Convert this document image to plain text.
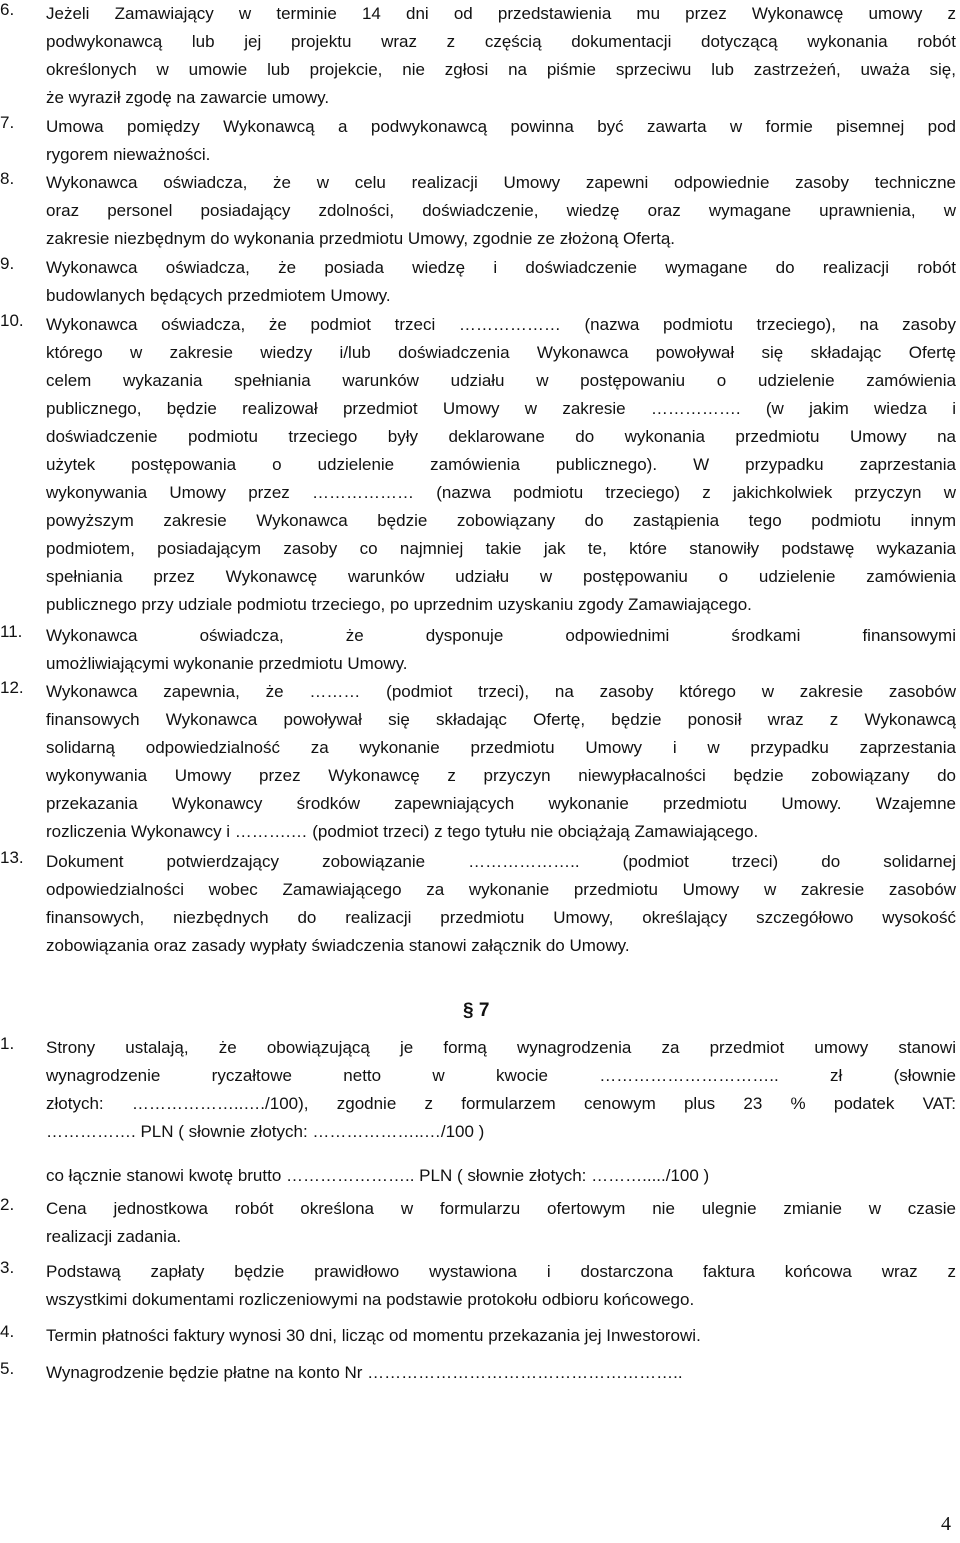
6. Jeżeli Zamawiający w terminie 14 dni od przedstawienia mu przez Wykonawcę umowy z
podwykonawcą lub jej projektu wraz z częścią dokumentacji dotyczącą wykonania robót
określonych w umowie lub projekcie, nie zgłosi na piśmie sprzeciwu lub zastrzeżeń, uważa się,
że wyraził zgodę na zawarcie umowy.
7. Umowa pomiędzy Wykonawcą a podwykonawcą powinna być zawarta w formie pisemnej pod
rygorem nieważności.
8. Wykonawca oświadcza, że w celu realizacji Umowy zapewni odpowiednie zasoby techniczne
oraz personel posiadający zdolności, doświadczenie, wiedzę oraz wymagane uprawnienia, w
zakresie niezbędnym do wykonania przedmiotu Umowy, zgodnie ze złożoną Ofertą.
9. Wykonawca oświadcza, że posiada wiedzę i doświadczenie wymagane do realizacji robót
budowlanych będących przedmiotem Umowy.
10. Wykonawca oświadcza, że podmiot trzeci ……………… (nazwa podmiotu trzeciego), na zasoby
którego w zakresie wiedzy i/lub doświadczenia Wykonawca powoływał się składając Ofertę
celem wykazania spełniania warunków udziału w postępowaniu o udzielenie zamówienia
publicznego, będzie realizował przedmiot Umowy w zakresie ……………. (w jakim wiedza i
doświadczenie podmiotu trzeciego były deklarowane do wykonania przedmiotu Umowy na
użytek postępowania o udzielenie zamówienia publicznego). W przypadku zaprzestania
wykonywania Umowy przez ……………… (nazwa podmiotu trzeciego) z jakichkolwiek przyczyn w
powyższym zakresie Wykonawca będzie zobowiązany do zastąpienia tego podmiotu innym
podmiotem, posiadającym zasoby co najmniej takie jak te, które stanowiły podstawę wykazania
spełniania przez Wykonawcę warunków udziału w postępowaniu o udzielenie zamówienia
publicznego przy udziale podmiotu trzeciego, po uprzednim uzyskaniu zgody Zamawiającego.
11. Wykonawca oświadcza, że dysponuje odpowiednimi środkami finansowymi
umożliwiającymi wykonanie przedmiotu Umowy.
12. Wykonawca zapewnia, że ……… (podmiot trzeci), na zasoby którego w zakresie zasobów
finansowych Wykonawca powoływał się składając Ofertę, będzie ponosił wraz z Wykonawcą
solidarną odpowiedzialność za wykonanie przedmiotu Umowy i w przypadku zaprzestania
wykonywania Umowy przez Wykonawcę z przyczyn niewypłacalności będzie zobowiązany do
przekazania Wykonawcy środków zapewniających wykonanie przedmiotu Umowy. Wzajemne
rozliczenia Wykonawcy i ……….… (podmiot trzeci) z tego tytułu nie obciążają Zamawiającego.
13. Dokument potwierdzający zobowiązanie ……………….. (podmiot trzeci) do solidarnej
odpowiedzialności wobec Zamawiającego za wykonanie przedmiotu Umowy w zakresie zasobów
finansowych, niezbędnych do realizacji przedmiotu Umowy, określający szczegółowo wysokość
zobowiązania oraz zasady wypłaty świadczenia stanowi załącznik do Umowy.
1. Strony ustalają, że obowiązującą je formą wynagrodzenia za przedmiot umowy stanowi
wynagrodzenie ryczałtowe netto w kwocie ………………………….. zł (słownie
złotych: ………………..…./100), zgodnie z formularzem cenowym plus 23 % podatek VAT:
……………. PLN ( słownie złotych: ………………..…/100 )
co łącznie stanowi kwotę brutto ………………….. PLN ( słownie złotych: ………...../100 )
2. Cena jednostkowa robót określona w formularzu ofertowym nie ulegnie zmianie w czasie
realizacji zadania.
3. Podstawą zapłaty będzie prawidłowo wystawiona i dostarczona faktura końcowa wraz z
wszystkimi dokumentami rozliczeniowymi na podstawie protokołu odbioru końcowego.
4. Termin płatności faktury wynosi 30 dni, licząc od momentu przekazania jej Inwestorowi.
5. Wynagrodzenie będzie płatne na konto Nr ………………………………………………..
§ 7
4
